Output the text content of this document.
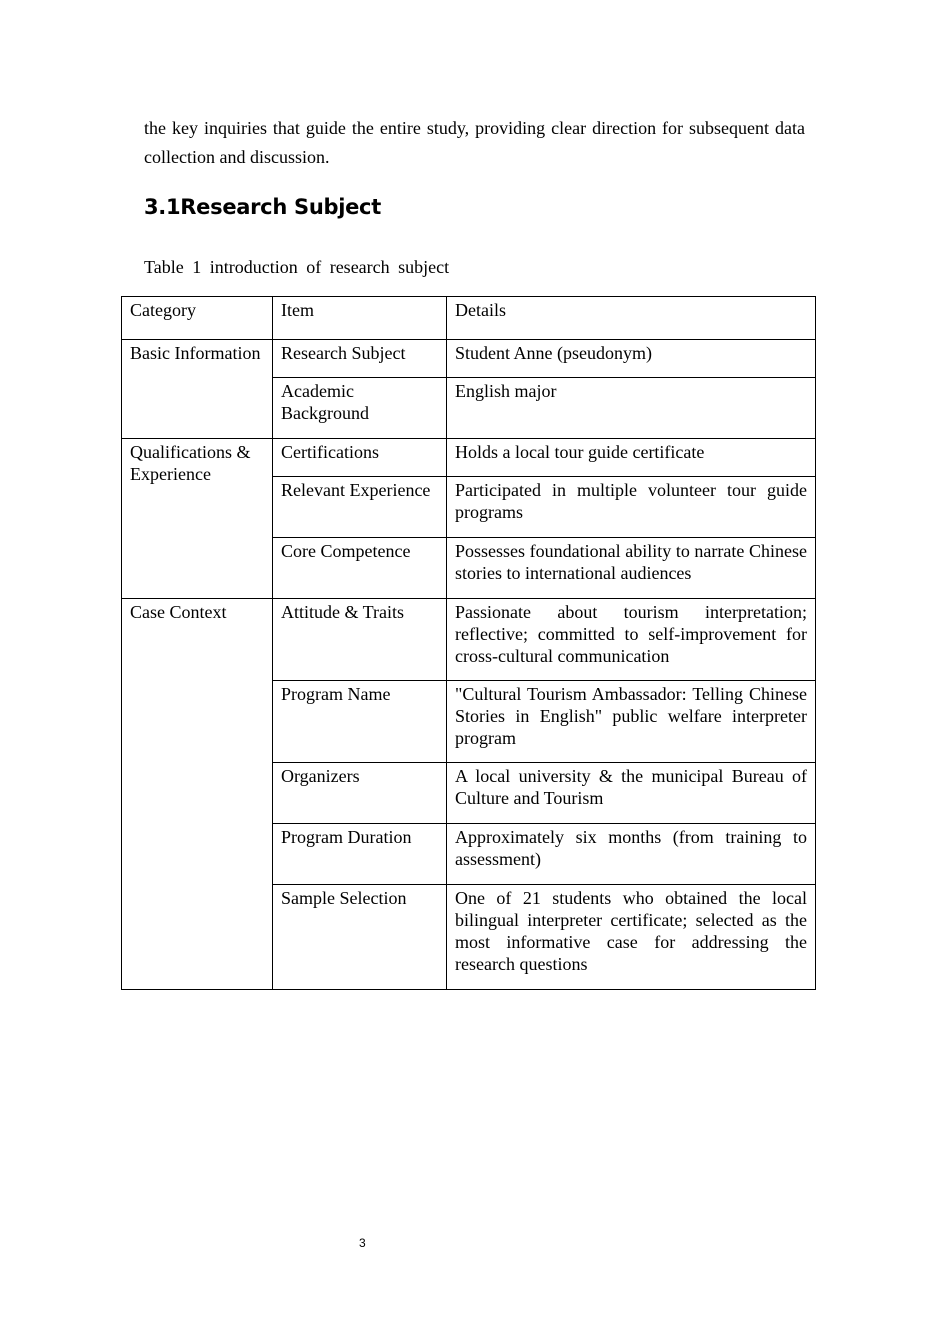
the key inquiries that guide the entire study, providing clear direction for subsequent data collection and discussion.

3.1Research Subject

Table 1 introduction of research subject

Category	Item	Details
Basic Information	Research Subject	Student Anne (pseudonym)
	Academic Background	English major
Qualifications & Experience	Certifications	Holds a local tour guide certificate
	Relevant Experience	Participated in multiple volunteer tour guide programs
	Core Competence	Possesses foundational ability to narrate Chinese stories to international audiences
Case Context	Attitude & Traits	Passionate about tourism interpretation; reflective; committed to self-improvement for cross-cultural communication
	Program Name	"Cultural Tourism Ambassador: Telling Chinese Stories in English" public welfare interpreter program
	Organizers	A local university & the municipal Bureau of Culture and Tourism
	Program Duration	Approximately six months (from training to assessment)
	Sample Selection	One of 21 students who obtained the local bilingual interpreter certificate; selected as the most informative case for addressing the research questions

3
